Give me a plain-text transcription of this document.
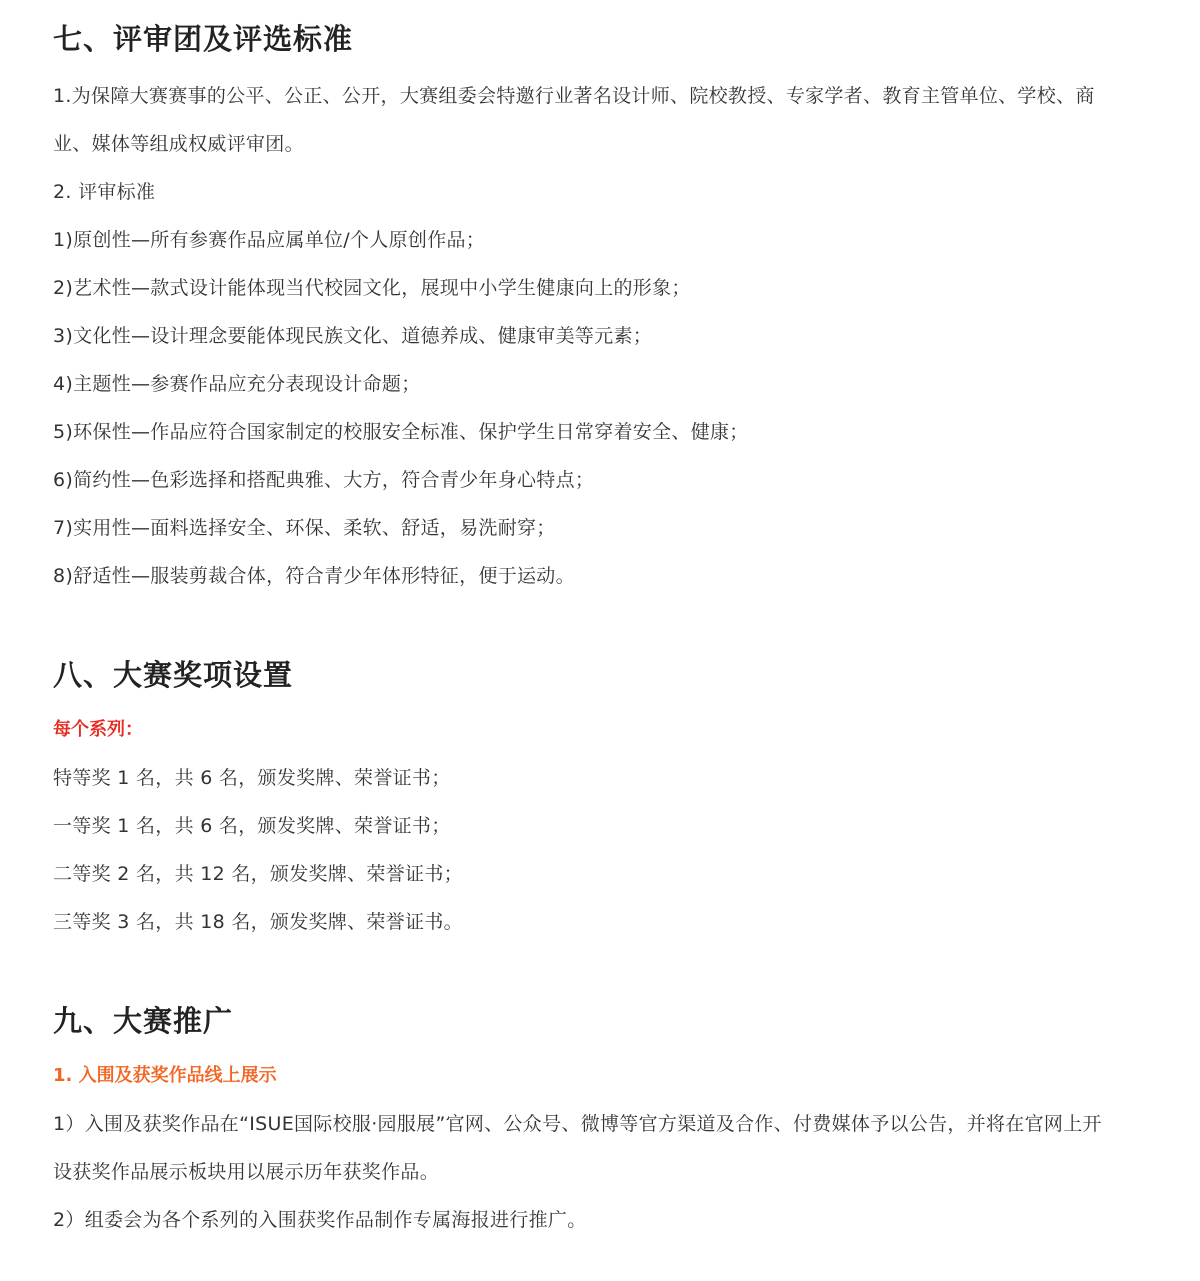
七、评审团及评选标准

1.为保障大赛赛事的公平、公正、公开，大赛组委会特邀行业著名设计师、院校教授、专家学者、教育主管单位、学校、商业、媒体等组成权威评审团。

2. 评审标准

1)原创性—所有参赛作品应属单位/个人原创作品；

2)艺术性—款式设计能体现当代校园文化，展现中小学生健康向上的形象；

3)文化性—设计理念要能体现民族文化、道德养成、健康审美等元素；

4)主题性—参赛作品应充分表现设计命题；

5)环保性—作品应符合国家制定的校服安全标准、保护学生日常穿着安全、健康；

6)简约性—色彩选择和搭配典雅、大方，符合青少年身心特点；

7)实用性—面料选择安全、环保、柔软、舒适，易洗耐穿；

8)舒适性—服装剪裁合体，符合青少年体形特征，便于运动。

八、大赛奖项设置

每个系列：

特等奖 1 名，共 6 名，颁发奖牌、荣誉证书；

一等奖 1 名，共 6 名，颁发奖牌、荣誉证书；

二等奖 2 名，共 12 名，颁发奖牌、荣誉证书；

三等奖 3 名，共 18 名，颁发奖牌、荣誉证书。

九、大赛推广

1. 入围及获奖作品线上展示

1）入围及获奖作品在“ISUE国际校服·园服展”官网、公众号、微博等官方渠道及合作、付费媒体予以公告，并将在官网上开设获奖作品展示板块用以展示历年获奖作品。

2）组委会为各个系列的入围获奖作品制作专属海报进行推广。
